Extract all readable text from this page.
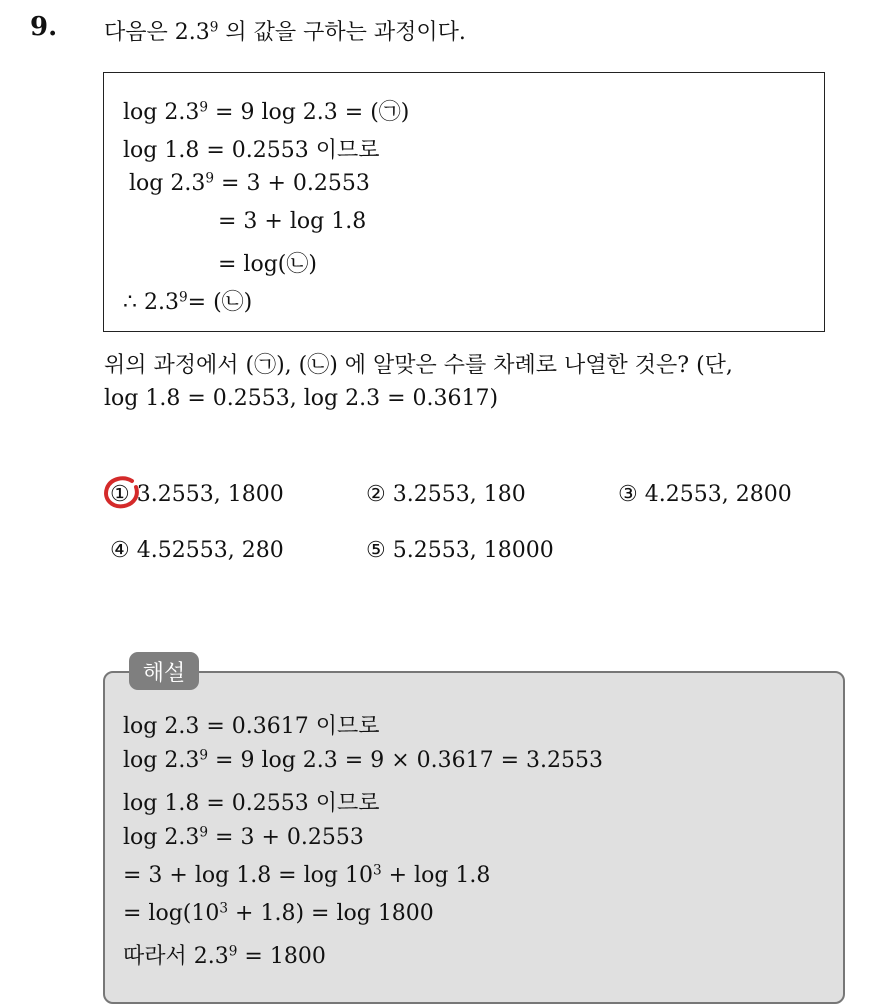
9. 다음은 $2.3^9$ 의 값을 구하는 과정이다.
$\log 2.3^9 = 9$ log 2.3 = (㉠)
log 1.8 = 0.2553 이므로
$\log 2.3^9 = 3 + 0.2553$
= 3 + log 1.8
= log(㉡)
∴ $2.3^9=$ (㉡)
위의 과정에서 (㉠), (㉡) 에 알맞은 수를 차례로 나열한 것은? (단,
log 1.8 = 0.2553, log 2.3 = 0.3617)
① 3.2553, 1800	② 3.2553, 180	③ 4.2553, 2800
④ 4.52553, 280	⑤ 5.2553, 18000
해설
log 2.3 = 0.3617 이므로
$\log 2.3^9 = 9$ log 2.3 = 9 × 0.3617 = 3.2553
log 1.8 = 0.2553 이므로
$\log 2.3^9 = 3 + 0.2553$
= $3 + \log 1.8 = \log 10^3 + \log 1.8$
= $\log(10^3 + 1.8) = \log 1800$
따라서 $2.3^9 = 1800$
